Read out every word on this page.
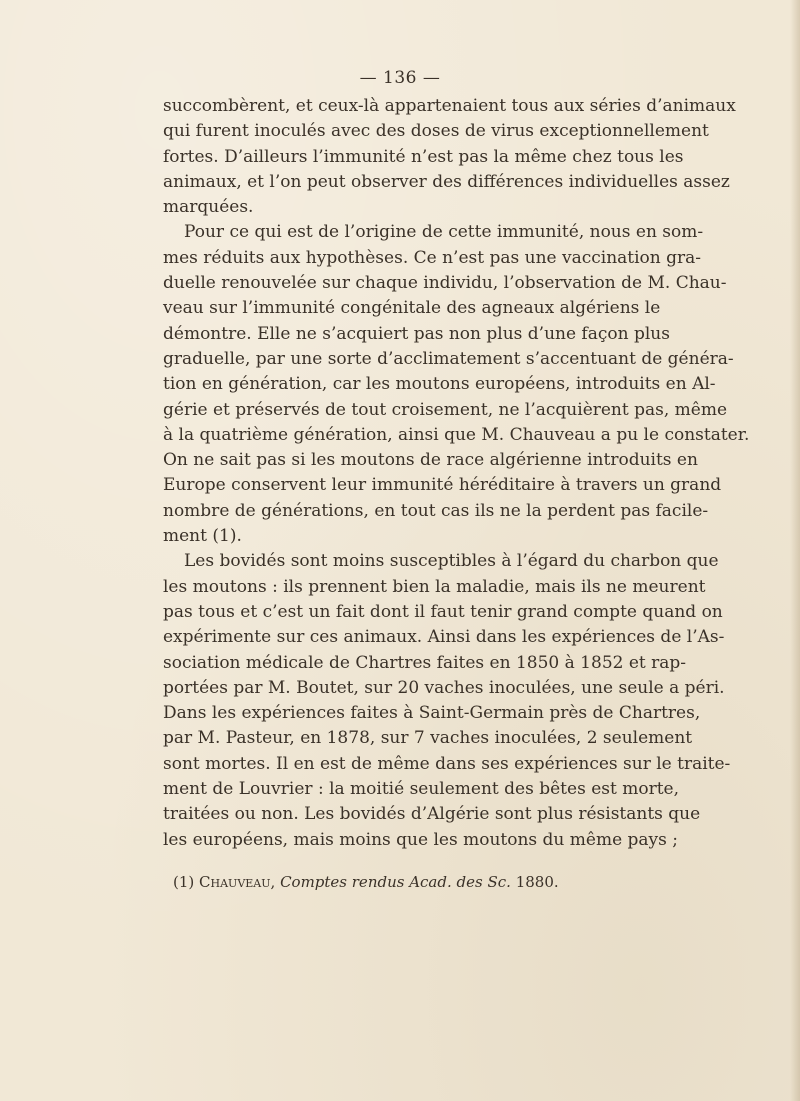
— 136 —
succombèrent, et ceux-là appartenaient tous aux séries d’animaux
qui furent inoculés avec des doses de virus exceptionnellement
fortes. D’ailleurs l’immunité n’est pas la même chez tous les
animaux, et l’on peut observer des différences individuelles assez
marquées.
Pour ce qui est de l’origine de cette immunité, nous en som-
mes réduits aux hypothèses. Ce n’est pas une vaccination gra-
duelle renouvelée sur chaque individu, l’observation de M. Chau-
veau sur l’immunité congénitale des agneaux algériens le
démontre. Elle ne s’acquiert pas non plus d’une façon plus
graduelle, par une sorte d’acclimatement s’accentuant de généra-
tion en génération, car les moutons européens, introduits en Al-
gérie et préservés de tout croisement, ne l’acquièrent pas, même
à la quatrième génération, ainsi que M. Chauveau a pu le constater.
On ne sait pas si les moutons de race algérienne introduits en
Europe conservent leur immunité héréditaire à travers un grand
nombre de générations, en tout cas ils ne la perdent pas facile-
ment (1).
Les bovidés sont moins susceptibles à l’égard du charbon que
les moutons : ils prennent bien la maladie, mais ils ne meurent
pas tous et c’est un fait dont il faut tenir grand compte quand on
expérimente sur ces animaux. Ainsi dans les expériences de l’As-
sociation médicale de Chartres faites en 1850 à 1852 et rap-
portées par M. Boutet, sur 20 vaches inoculées, une seule a péri.
Dans les expériences faites à Saint-Germain près de Chartres,
par M. Pasteur, en 1878, sur 7 vaches inoculées, 2 seulement
sont mortes. Il en est de même dans ses expériences sur le traite-
ment de Louvrier : la moitié seulement des bêtes est morte,
traitées ou non. Les bovidés d’Algérie sont plus résistants que
les européens, mais moins que les moutons du même pays ;
(1) Chauveau, Comptes rendus Acad. des Sc. 1880.
